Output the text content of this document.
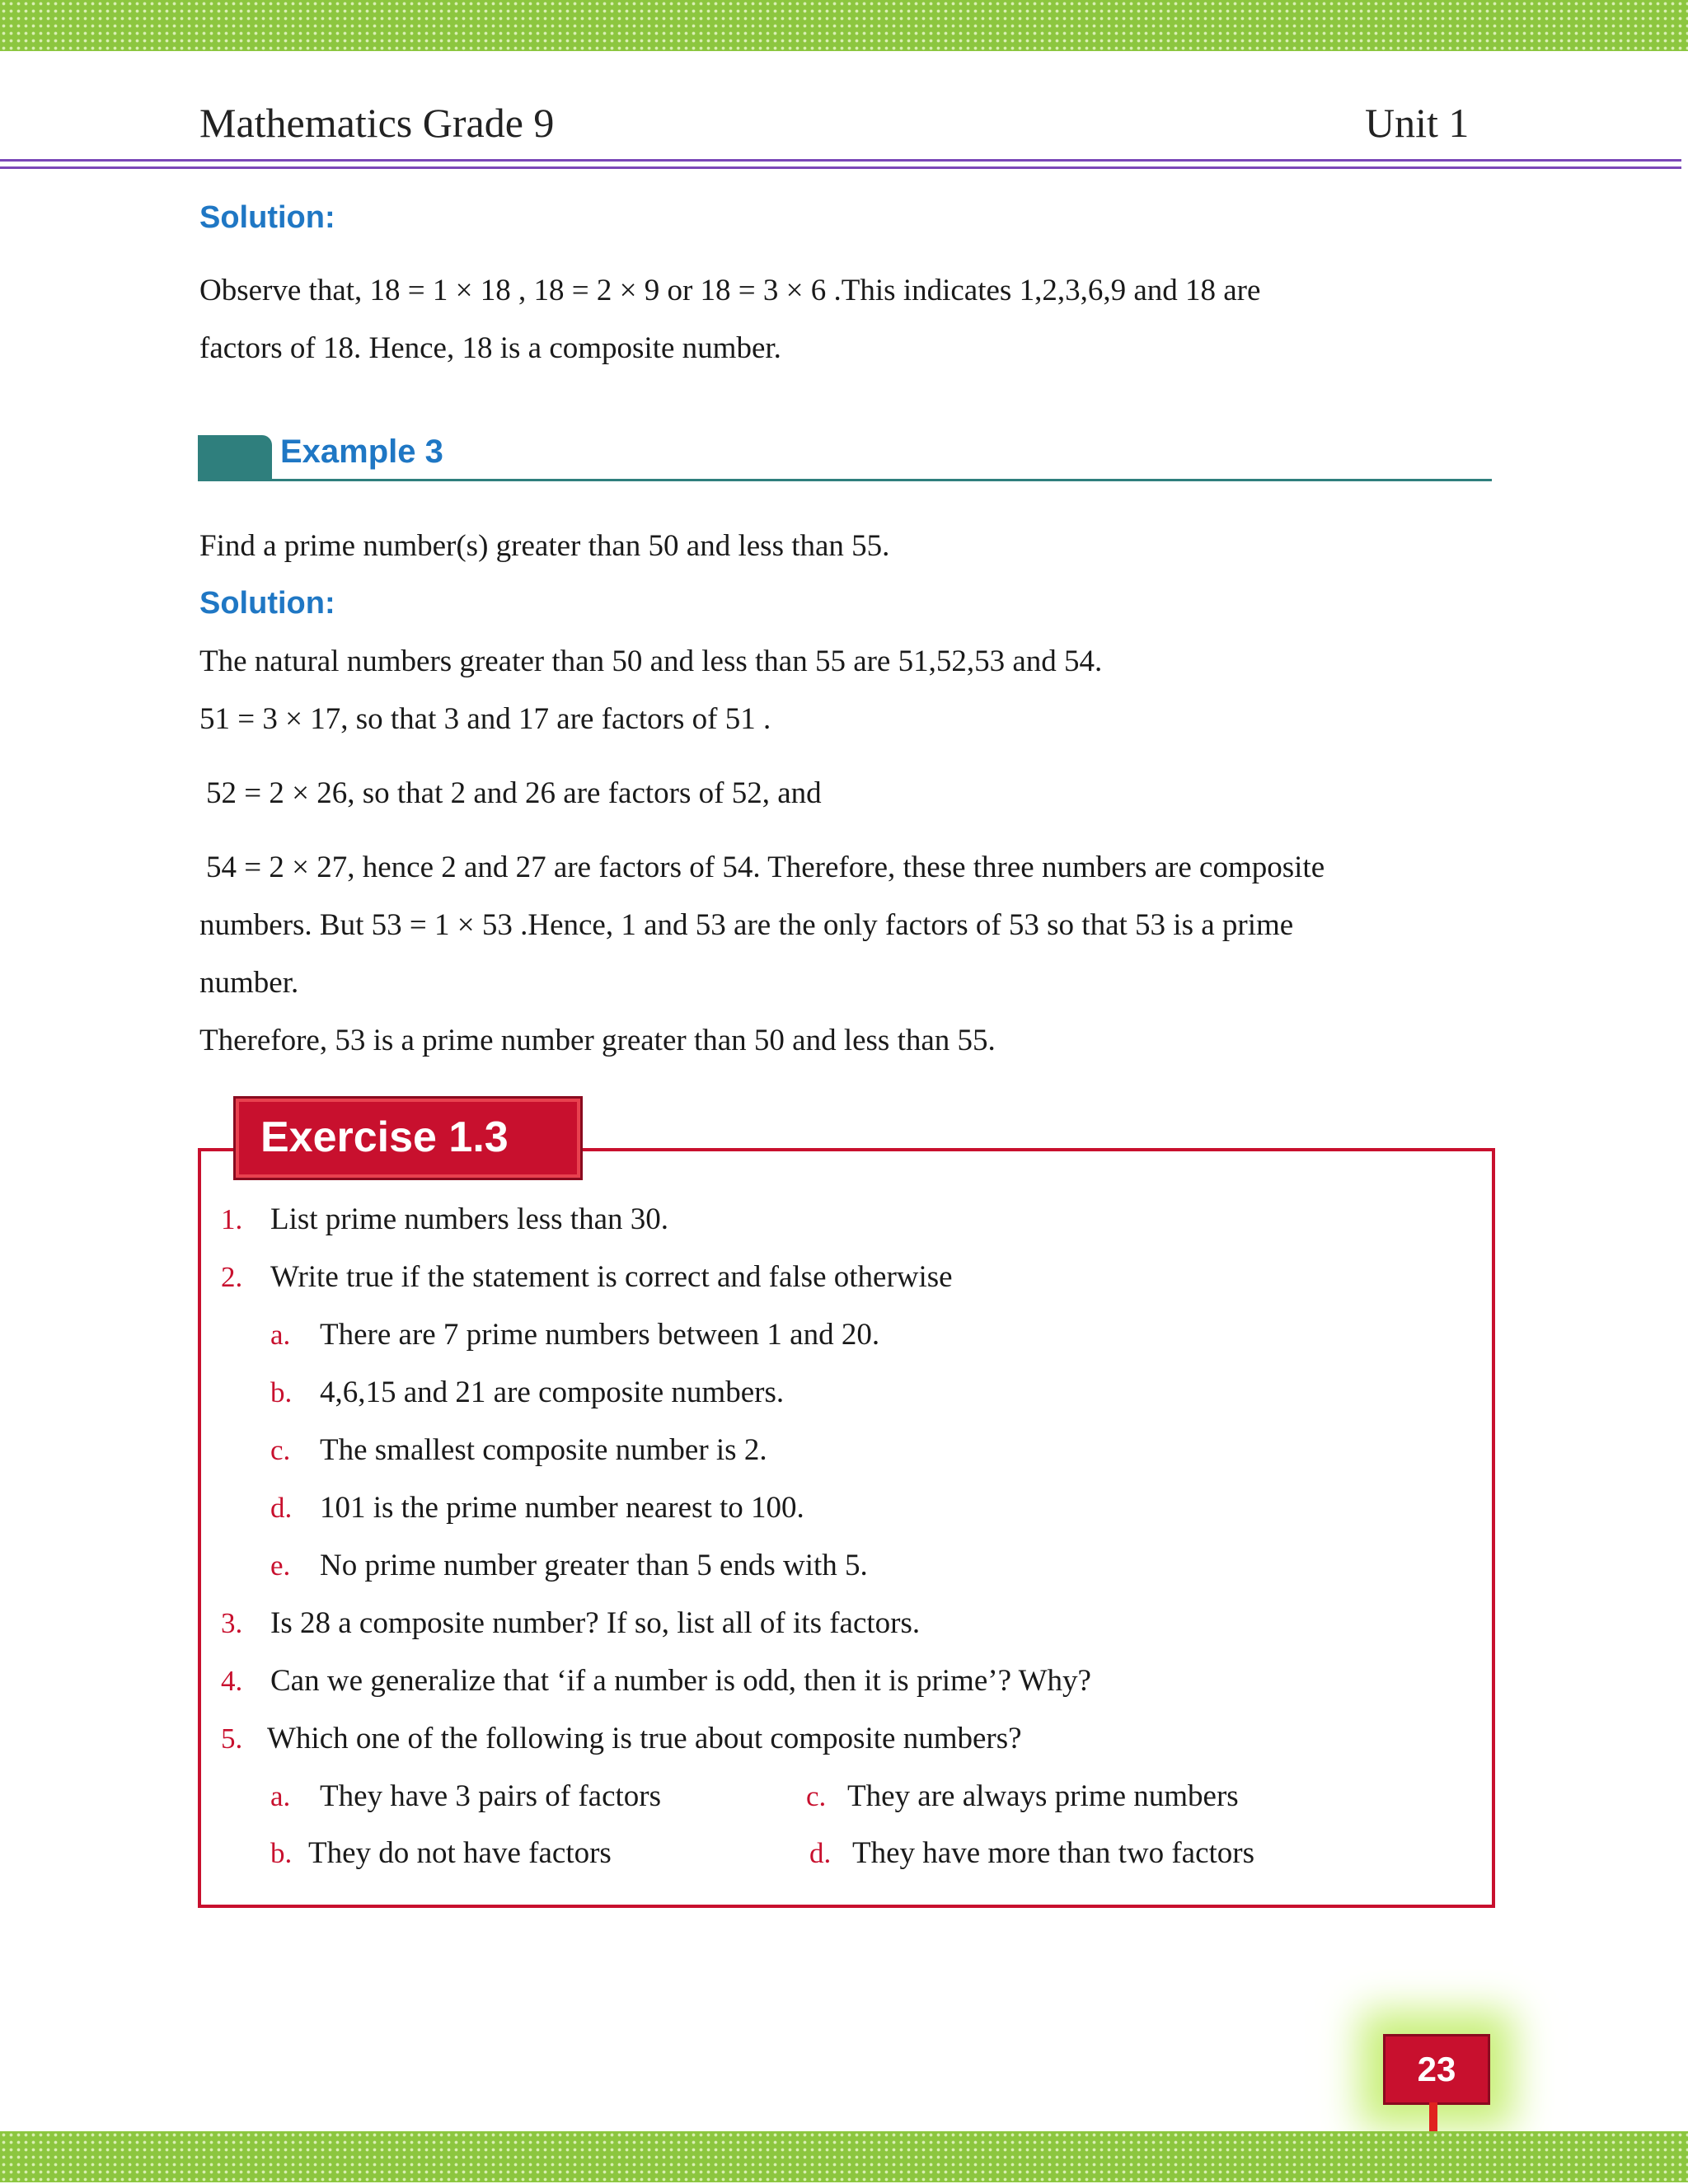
Mathematics Grade 9	Unit 1
Solution:
Observe that, 18 = 1 × 18 , 18 = 2 × 9 or 18 = 3 × 6 .This indicates 1,2,3,6,9 and 18 are
factors of 18. Hence, 18 is a composite number.
Example 3
Find a prime number(s) greater than 50 and less than 55.
Solution:
The natural numbers greater than 50 and less than 55 are 51,52,53 and 54.
51 = 3 × 17, so that 3 and 17 are factors of 51 .
52 = 2 × 26, so that 2 and 26 are factors of 52, and
54 = 2 × 27, hence 2 and 27 are factors of 54. Therefore, these three numbers are composite
numbers. But 53 = 1 × 53 .Hence, 1 and 53 are the only factors of 53 so that 53 is a prime
number.
Therefore, 53 is a prime number greater than 50 and less than 55.
Exercise 1.3
1. List prime numbers less than 30.
2. Write true if the statement is correct and false otherwise
a. There are 7 prime numbers between 1 and 20.
b. 4,6,15 and 21 are composite numbers.
c. The smallest composite number is 2.
d. 101 is the prime number nearest to 100.
e. No prime number greater than 5 ends with 5.
3. Is 28 a composite number? If so, list all of its factors.
4. Can we generalize that ‘if a number is odd, then it is prime’? Why?
5. Which one of the following is true about composite numbers?
a. They have 3 pairs of factors
b. They do not have factors
c. They are always prime numbers
d. They have more than two factors
23
